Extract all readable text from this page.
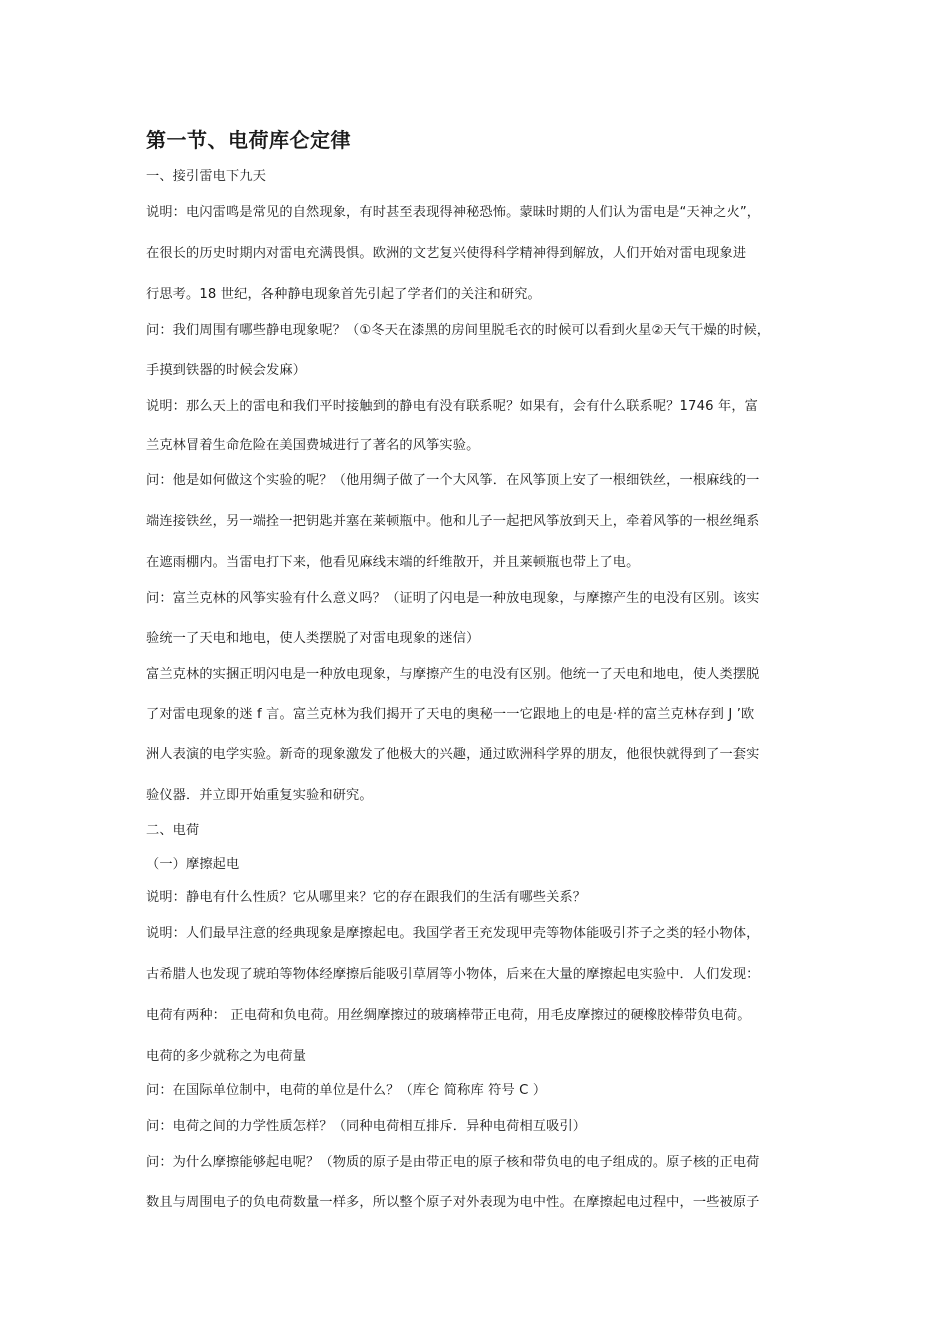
第一节、电荷库仑定律
一、接引雷电下九天
说明：电闪雷鸣是常见的自然现象，有时甚至表现得神秘恐怖。蒙昧时期的人们认为雷电是“天神之火”，
在很长的历史时期内对雷电充满畏惧。欧洲的文艺复兴使得科学精神得到解放，人们开始对雷电现象进
行思考。18 世纪，各种静电现象首先引起了学者们的关注和研究。
问：我们周围有哪些静电现象呢？（①冬天在漆黑的房间里脱毛衣的时候可以看到火星②天气干燥的时候，
手摸到铁器的时候会发麻）
说明：那么天上的雷电和我们平时接触到的静电有没有联系呢？如果有，会有什么联系呢？1746 年，富
兰克林冒着生命危险在美国费城进行了著名的风筝实验。
问：他是如何做这个实验的呢？（他用绸子做了一个大风筝．在风筝顶上安了一根细铁丝，一根麻线的一
端连接铁丝，另一端拴一把钥匙并塞在莱顿瓶中。他和儿子一起把风筝放到天上，牵着风筝的一根丝绳系
在遮雨棚内。当雷电打下来，他看见麻线末端的纤维散开，并且莱顿瓶也带上了电。
问：富兰克林的风筝实验有什么意义吗？（证明了闪电是一种放电现象，与摩擦产生的电没有区别。该实
验统一了天电和地电，使人类摆脱了对雷电现象的迷信）
富兰克林的实捆正明闪电是一种放电现象，与摩擦产生的电没有区别。他统一了天电和地电，使人类摆脱
了对雷电现象的迷 f 言。富兰克林为我们揭开了天电的奥秘一一它跟地上的电是·样的富兰克林存到 J ’欧
洲人表演的电学实验。新奇的现象激发了他极大的兴趣，通过欧洲科学界的朋友，他很快就得到了一套实
验仪器．并立即开始重复实验和研究。
二、电荷
（一）摩擦起电
说明：静电有什么性质？它从哪里来？它的存在跟我们的生活有哪些关系？
说明：人们最早注意的经典现象是摩擦起电。我国学者王充发现甲壳等物体能吸引芥子之类的轻小物体，
古希腊人也发现了琥珀等物体经摩擦后能吸引草屑等小物体，后来在大量的摩擦起电实验中．人们发现：
电荷有两种： 正电荷和负电荷。用丝绸摩擦过的玻璃棒带正电荷，用毛皮摩擦过的硬橡胶棒带负电荷。
电荷的多少就称之为电荷量
问：在国际单位制中，电荷的单位是什么？（库仑 简称库 符号 C ）
问：电荷之间的力学性质怎样？（同种电荷相互排斥．异种电荷相互吸引）
问：为什么摩擦能够起电呢？（物质的原子是由带正电的原子核和带负电的电子组成的。原子核的正电荷
数且与周围电子的负电荷数量一样多，所以整个原子对外表现为电中性。在摩擦起电过程中，一些被原子
